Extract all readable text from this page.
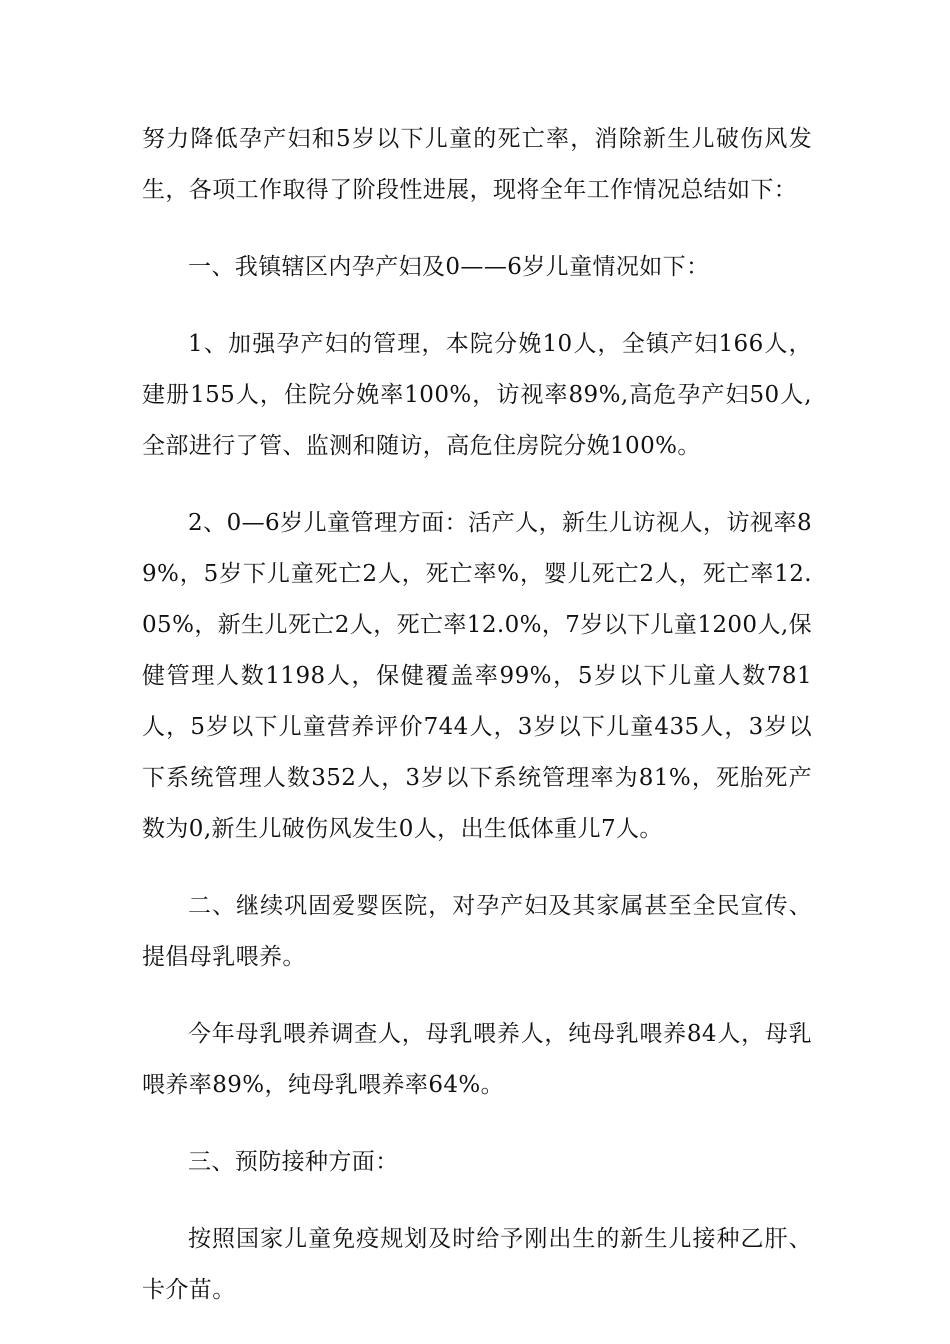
努力降低孕产妇和5岁以下儿童的死亡率，消除新生儿破伤风发生，各项工作取得了阶段性进展，现将全年工作情况总结如下：

一、我镇辖区内孕产妇及0——6岁儿童情况如下：

1、加强孕产妇的管理，本院分娩10人，全镇产妇166人，建册155人，住院分娩率100%，访视率89%,高危孕产妇50人,全部进行了管、监测和随访，高危住房院分娩100%。

2、0—6岁儿童管理方面：活产人，新生儿访视人，访视率89%，5岁下儿童死亡2人，死亡率%，婴儿死亡2人，死亡率12.05%，新生儿死亡2人，死亡率12.0%，7岁以下儿童1200人,保健管理人数1198人，保健覆盖率99%，5岁以下儿童人数781人，5岁以下儿童营养评价744人，3岁以下儿童435人，3岁以下系统管理人数352人，3岁以下系统管理率为81%，死胎死产数为0,新生儿破伤风发生0人，出生低体重儿7人。

二、继续巩固爱婴医院，对孕产妇及其家属甚至全民宣传、提倡母乳喂养。

今年母乳喂养调查人，母乳喂养人，纯母乳喂养84人，母乳喂养率89%，纯母乳喂养率64%。

三、预防接种方面：

按照国家儿童免疫规划及时给予刚出生的新生儿接种乙肝、卡介苗。
